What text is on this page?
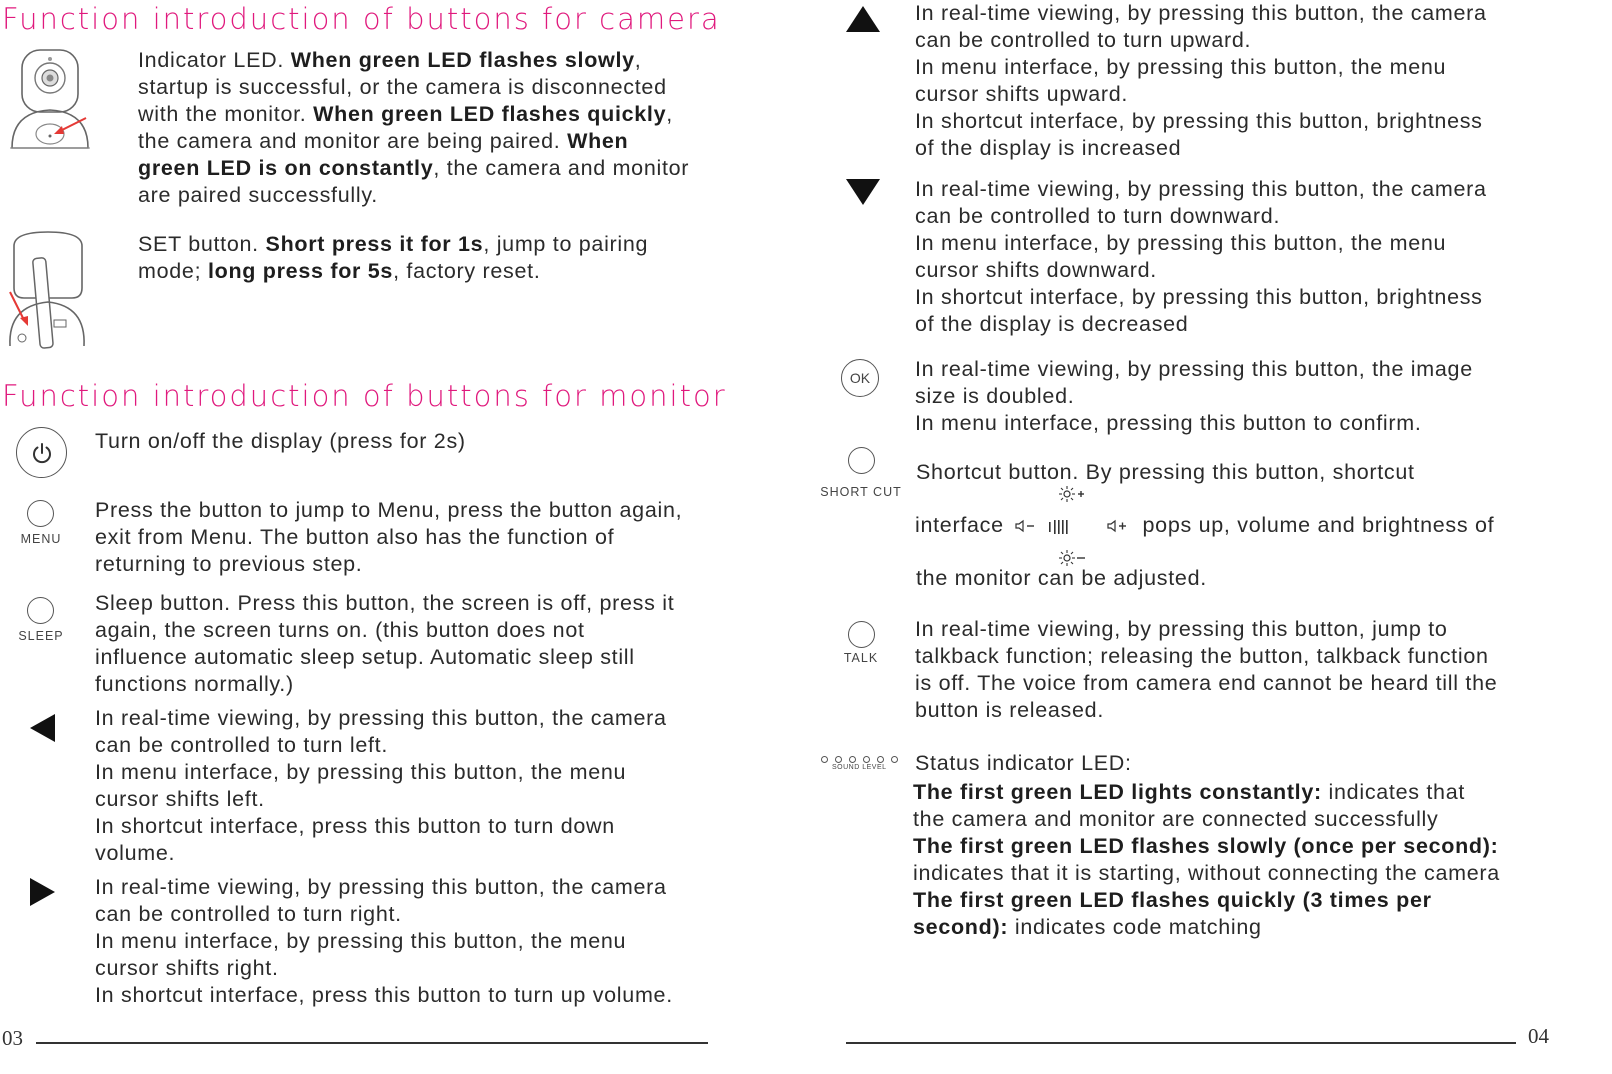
Function introduction of buttons for camera
Indicator LED. When green LED flashes slowly,
startup is successful, or the camera is disconnected
with the monitor. When green LED flashes quickly,
the camera and monitor are being paired. When
green LED is on constantly, the camera and monitor
are paired successfully.
SET button. Short press it for 1s, jump to pairing
mode; long press for 5s, factory reset.
Function introduction of buttons for monitor
Turn on/off the display (press for 2s)
MENU
Press the button to jump to Menu, press the button again,
exit from Menu. The button also has the function of
returning to previous step.
SLEEP
Sleep button. Press this button, the screen is off, press it
again, the screen turns on. (this button does not
influence automatic sleep setup. Automatic sleep still
functions normally.)
In real-time viewing, by pressing this button, the camera
can be controlled to turn left.
In menu interface, by pressing this button, the menu
cursor shifts left.
In shortcut interface, press this button to turn down
volume.
In real-time viewing, by pressing this button, the camera
can be controlled to turn right.
In menu interface, by pressing this button, the menu
cursor shifts right.
In shortcut interface, press this button to turn up volume.
03
In real-time viewing, by pressing this button, the camera
can be controlled to turn upward.
In menu interface, by pressing this button, the menu
cursor shifts upward.
In shortcut interface, by pressing this button, brightness
of the display is increased
In real-time viewing, by pressing this button, the camera
can be controlled to turn downward.
In menu interface, by pressing this button, the menu
cursor shifts downward.
In shortcut interface, by pressing this button, brightness
of the display is decreased
OK In real-time viewing, by pressing this button, the image
size is doubled.
In menu interface, pressing this button to confirm.
SHORT CUT
Shortcut button. By pressing this button, shortcut
interface	pops up, volume and brightness of
the monitor can be adjusted.
TALK
In real-time viewing, by pressing this button, jump to
talkback function; releasing the button, talkback function
is off. The voice from camera end cannot be heard till the
button is released.
SOUND LEVEL Status indicator LED:
The first green LED lights constantly: indicates that
the camera and monitor are connected successfully
The first green LED flashes slowly (once per second):
indicates that it is starting, without connecting the camera
The first green LED flashes quickly (3 times per
second): indicates code matching
04
